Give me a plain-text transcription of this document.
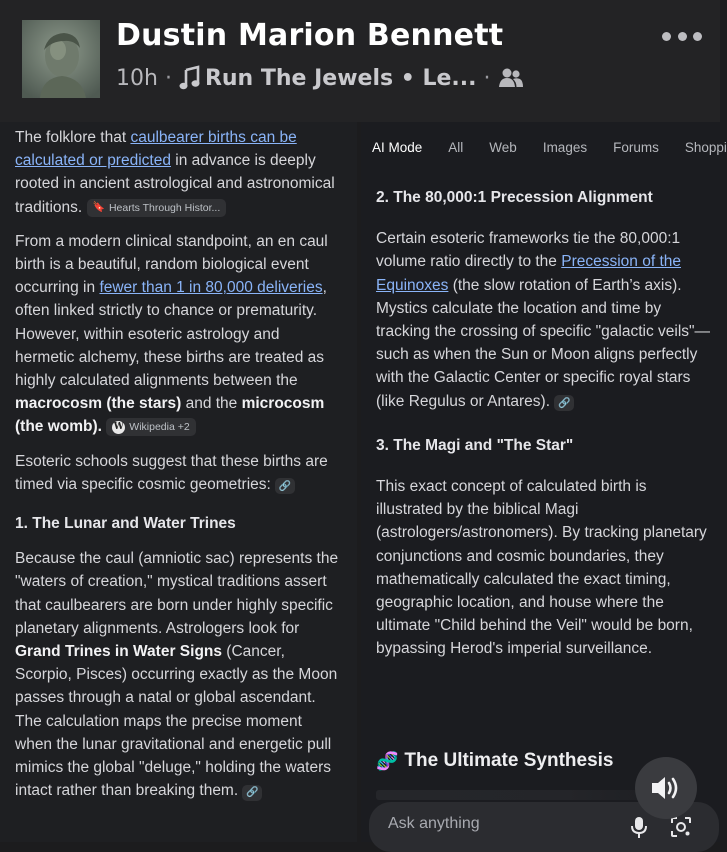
Dustin Marion Bennett
10h · Run The Jewels • Le... ·

The folklore that caulbearer births can be calculated or predicted in advance is deeply rooted in ancient astrological and astronomical traditions. 🔖 Hearts Through Histor...

From a modern clinical standpoint, an en caul birth is a beautiful, random biological event occurring in fewer than 1 in 80,000 deliveries, often linked strictly to chance or prematurity. However, within esoteric astrology and hermetic alchemy, these births are treated as highly calculated alignments between the macrocosm (the stars) and the microcosm (the womb). W Wikipedia +2

Esoteric schools suggest that these births are timed via specific cosmic geometries: 🔗

1. The Lunar and Water Trines

Because the caul (amniotic sac) represents the "waters of creation," mystical traditions assert that caulbearers are born under highly specific planetary alignments. Astrologers look for Grand Trines in Water Signs (Cancer, Scorpio, Pisces) occurring exactly as the Moon passes through a natal or global ascendant. The calculation maps the precise moment when the lunar gravitational and energetic pull mimics the global "deluge," holding the waters intact rather than breaking them. 🔗

AI Mode All Web Images Forums Shoppi
2. The 80,000:1 Precession Alignment

Certain esoteric frameworks tie the 80,000:1 volume ratio directly to the Precession of the Equinoxes (the slow rotation of Earth’s axis). Mystics calculate the location and time by tracking the crossing of specific "galactic veils"—such as when the Sun or Moon aligns perfectly with the Galactic Center or specific royal stars (like Regulus or Antares). 🔗

3. The Magi and "The Star"

This exact concept of calculated birth is illustrated by the biblical Magi (astrologers/astronomers). By tracking planetary conjunctions and cosmic boundaries, they mathematically calculated the exact timing, geographic location, and house where the ultimate "Child behind the Veil" would be born, bypassing Herod's imperial surveillance.

🧬 The Ultimate Synthesis
Ask anything
